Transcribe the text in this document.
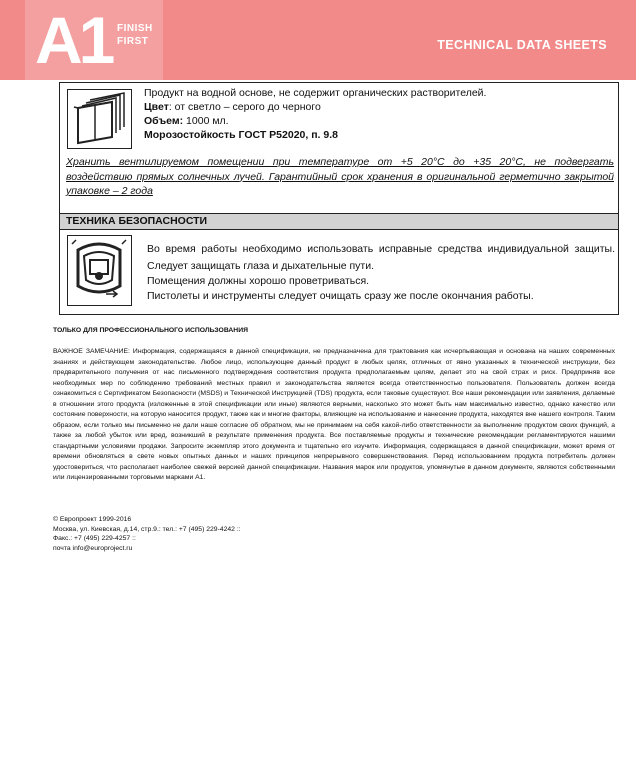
A1 FINISH
FIRST	TECHNICAL DATA SHEETS
Продукт на водной основе, не содержит органических растворителей.
Цвет: от светло – серого до черного
Объем: 1000 мл.
Морозостойкость ГОСТ Р52020, п. 9.8
Хранить вентилируемом помещении при температуре от +5 20°С до +35 20°С, не подвергать воздействию прямых солнечных лучей. Гарантийный срок хранения в оригинальной герметично закрытой упаковке – 2 года
ТЕХНИКА БЕЗОПАСНОСТИ
Во время работы необходимо использовать исправные средства индивидуальной защиты.
Следует защищать глаза и дыхательные пути.
Помещения должны хорошо проветриваться.
Пистолеты и инструменты следует очищать сразу же после окончания работы.
ТОЛЬКО ДЛЯ ПРОФЕССИОНАЛЬНОГО ИСПОЛЬЗОВАНИЯ
ВАЖНОЕ ЗАМЕЧАНИЕ: Информация, содержащаяся в данной спецификации, не предназначена для трактования как исчерпывающая и основана на наших современных знаниях и действующем законодательстве. Любое лицо, использующее данный продукт в любых целях, отличных от явно указанных в технической инструкции, без предварительного получения от нас письменного подтверждения соответствия продукта предполагаемым целям, делает это на свой страх и риск. Предприняв все необходимых мер по соблюдению требований местных правил и законодательства является всегда ответственностью пользователя. Пользователь должен всегда ознакомиться с Сертификатом Безопасности (MSDS) и Технической Инструкцией (TDS) продукта, если таковые существуют. Все наши рекомендации или заявления, делаемые в отношении этого продукта (изложенные в этой спецификации или иные) являются верными, насколько это может быть нам максимально известно, однако качество или состояние поверхности, на которую наносится продукт, также как и многие факторы, влияющие на использование и нанесение продукта, находятся вне нашего контроля. Таким образом, если только мы письменно не дали наше согласие об обратном, мы не принимаем на себя какой-либо ответственности за выполнение продуктом своих функций, а также за любой убыток или вред, возникший в результате применения продукта. Все поставляемые продукты и технические рекомендации регламентируются нашими стандартными условиями продажи. Запросите экземпляр этого документа и тщательно его изучите. Информация, содержащаяся в данной спецификации, может время от времени обновляться в свете новых опытных данных и наших принципов непрерывного совершенствования. Перед использованием продукта потребитель должен удостовериться, что располагает наиболее свежей версией данной спецификации. Названия марок или продуктов, упомянутые в данном документе, являются собственными или лицензированными торговыми марками А1.
© Европроект 1999-2016
Москва, ул. Киевская, д.14, стр.9.: тел.: +7 (495) 229-4242 ::
Факс.: +7 (495) 229-4257 ::
почта info@europroject.ru
